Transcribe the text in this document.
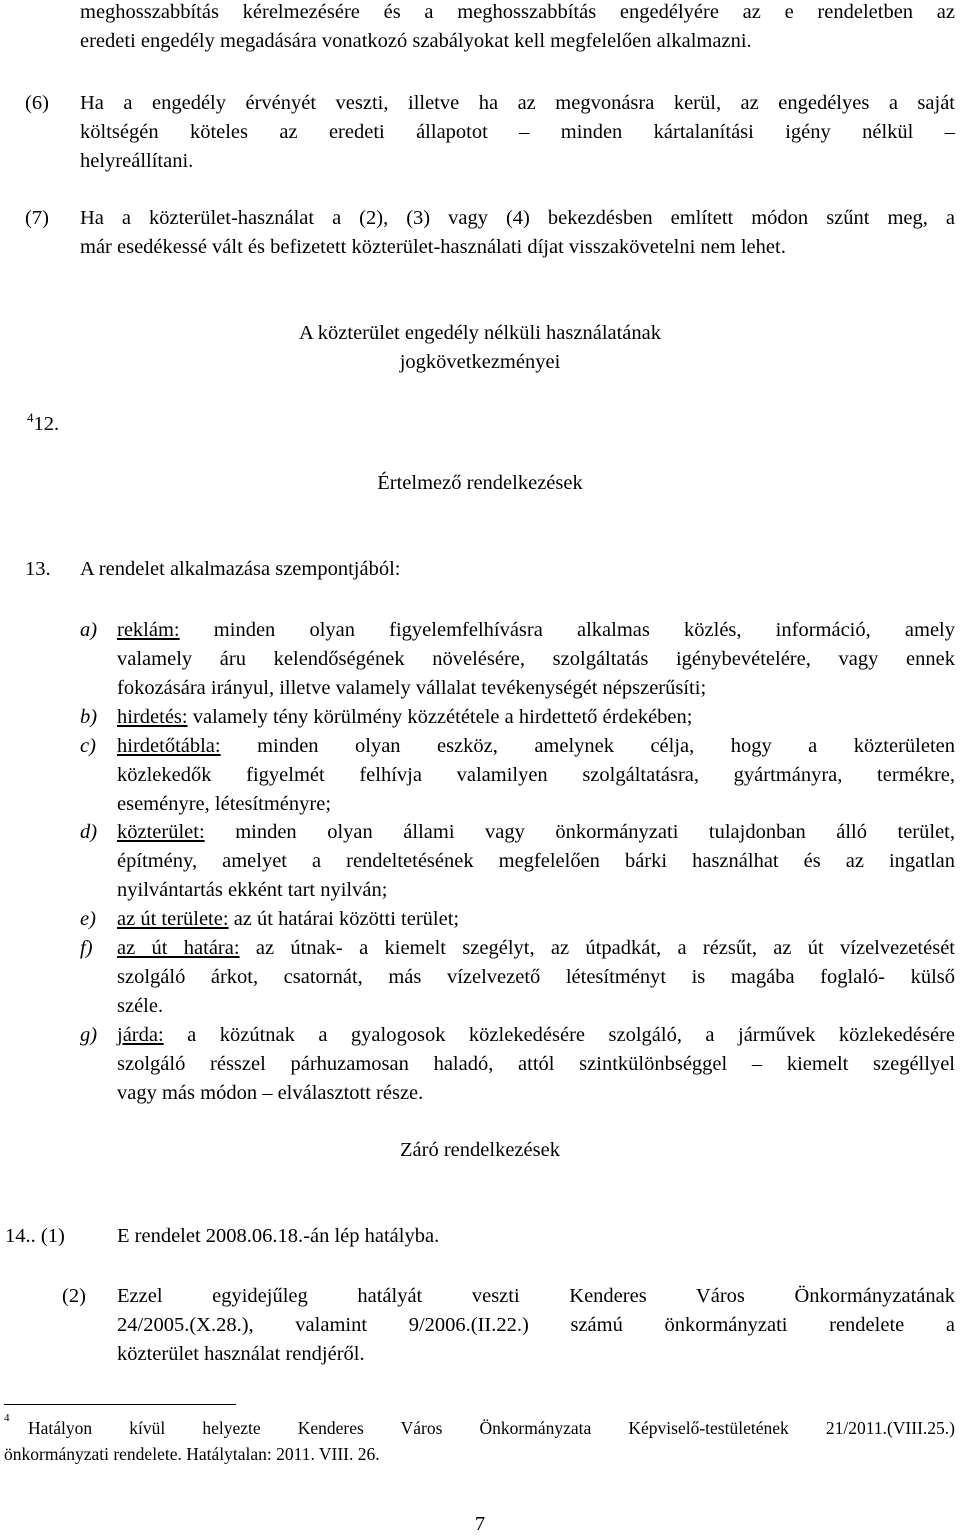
meghosszabbítás kérelmezésére és a meghosszabbítás engedélyére az e rendeletben az
eredeti engedély megadására vonatkozó szabályokat kell megfelelően alkalmazni.
(6) Ha a engedély érvényét veszti, illetve ha az megvonásra kerül, az engedélyes a saját
költségén köteles az eredeti állapotot – minden kártalanítási igény nélkül –
helyreállítani.
(7) Ha a közterület-használat a (2), (3) vagy (4) bekezdésben említett módon szűnt meg, a
már esedékessé vált és befizetett közterület-használati díjat visszakövetelni nem lehet.
A közterület engedély nélküli használatának
jogkövetkezményei
$^4$12.
Értelmező rendelkezések
13. A rendelet alkalmazása szempontjából:
a) reklám: minden olyan figyelemfelhívásra alkalmas közlés, információ, amely
valamely áru kelendőségének növelésére, szolgáltatás igénybevételére, vagy ennek
fokozására irányul, illetve valamely vállalat tevékenységét népszerűsíti;
b) hirdetés: valamely tény körülmény közzététele a hirdettető érdekében;
c) hirdetőtábla: minden olyan eszköz, amelynek célja, hogy a közterületen
közlekedők figyelmét felhívja valamilyen szolgáltatásra, gyártmányra, termékre,
eseményre, létesítményre;
d) közterület: minden olyan állami vagy önkormányzati tulajdonban álló terület,
építmény, amelyet a rendeltetésének megfelelően bárki használhat és az ingatlan
nyilvántartás ekként tart nyilván;
e) az út területe: az út határai közötti terület;
f) az út határa: az útnak- a kiemelt szegélyt, az útpadkát, a rézsűt, az út vízelvezetését
szolgáló árkot, csatornát, más vízelvezető létesítményt is magába foglaló- külső
széle.
g) járda: a közútnak a gyalogosok közlekedésére szolgáló, a járművek közlekedésére
szolgáló résszel párhuzamosan haladó, attól szintkülönbséggel – kiemelt szegéllyel
vagy más módon – elválasztott része.
Záró rendelkezések
14.. (1)	E rendelet 2008.06.18.-án lép hatályba.
(2) Ezzel egyidejűleg hatályát veszti Kenderes Város Önkormányzatának
24/2005.(X.28.), valamint 9/2006.(II.22.) számú önkormányzati rendelete a
közterület használat rendjéről.
$^4$ Hatályon kívül helyezte Kenderes Város Önkormányzata Képviselő-testületének 21/2011.(VIII.25.)
önkormányzati rendelete. Hatálytalan: 2011. VIII. 26.
7
